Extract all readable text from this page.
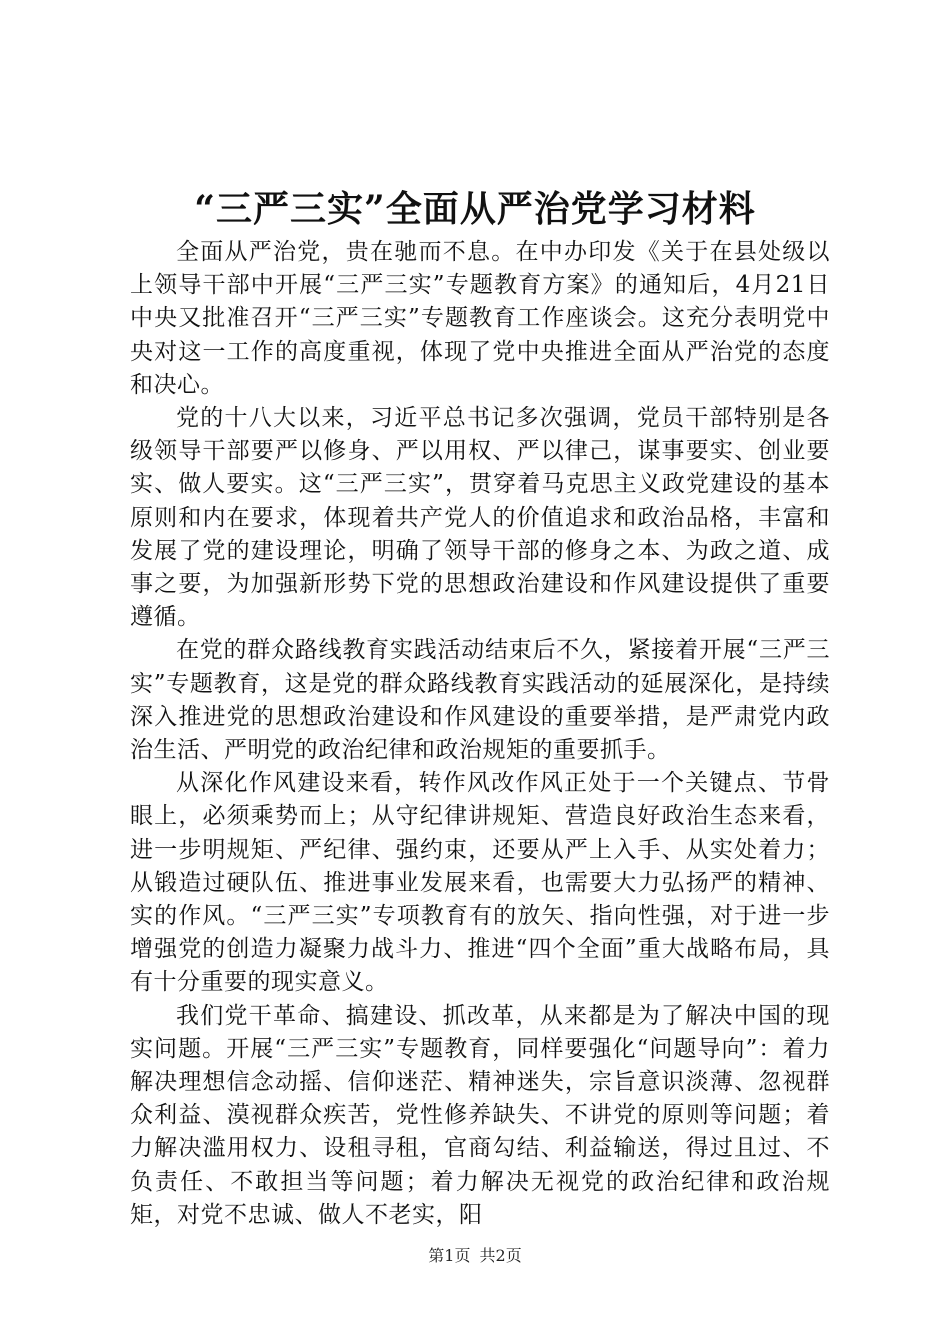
“三严三实”全面从严治党学习材料

全面从严治党，贵在驰而不息。在中办印发《关于在县处级以上领导干部中开展“三严三实”专题教育方案》的通知后，4月21日中央又批准召开“三严三实”专题教育工作座谈会。这充分表明党中央对这一工作的高度重视，体现了党中央推进全面从严治党的态度和决心。

党的十八大以来，习近平总书记多次强调，党员干部特别是各级领导干部要严以修身、严以用权、严以律己，谋事要实、创业要实、做人要实。这“三严三实”，贯穿着马克思主义政党建设的基本原则和内在要求，体现着共产党人的价值追求和政治品格，丰富和发展了党的建设理论，明确了领导干部的修身之本、为政之道、成事之要，为加强新形势下党的思想政治建设和作风建设提供了重要遵循。

在党的群众路线教育实践活动结束后不久，紧接着开展“三严三实”专题教育，这是党的群众路线教育实践活动的延展深化，是持续深入推进党的思想政治建设和作风建设的重要举措，是严肃党内政治生活、严明党的政治纪律和政治规矩的重要抓手。

从深化作风建设来看，转作风改作风正处于一个关键点、节骨眼上，必须乘势而上；从守纪律讲规矩、营造良好政治生态来看，进一步明规矩、严纪律、强约束，还要从严上入手、从实处着力；从锻造过硬队伍、推进事业发展来看，也需要大力弘扬严的精神、实的作风。“三严三实”专项教育有的放矢、指向性强，对于进一步增强党的创造力凝聚力战斗力、推进“四个全面”重大战略布局，具有十分重要的现实意义。

我们党干革命、搞建设、抓改革，从来都是为了解决中国的现实问题。开展“三严三实”专题教育，同样要强化“问题导向”：着力解决理想信念动摇、信仰迷茫、精神迷失，宗旨意识淡薄、忽视群众利益、漠视群众疾苦，党性修养缺失、不讲党的原则等问题；着力解决滥用权力、设租寻租，官商勾结、利益输送，得过且过、不负责任、不敢担当等问题；着力解决无视党的政治纪律和政治规矩，对党不忠诚、做人不老实，阳

第1页 共2页
